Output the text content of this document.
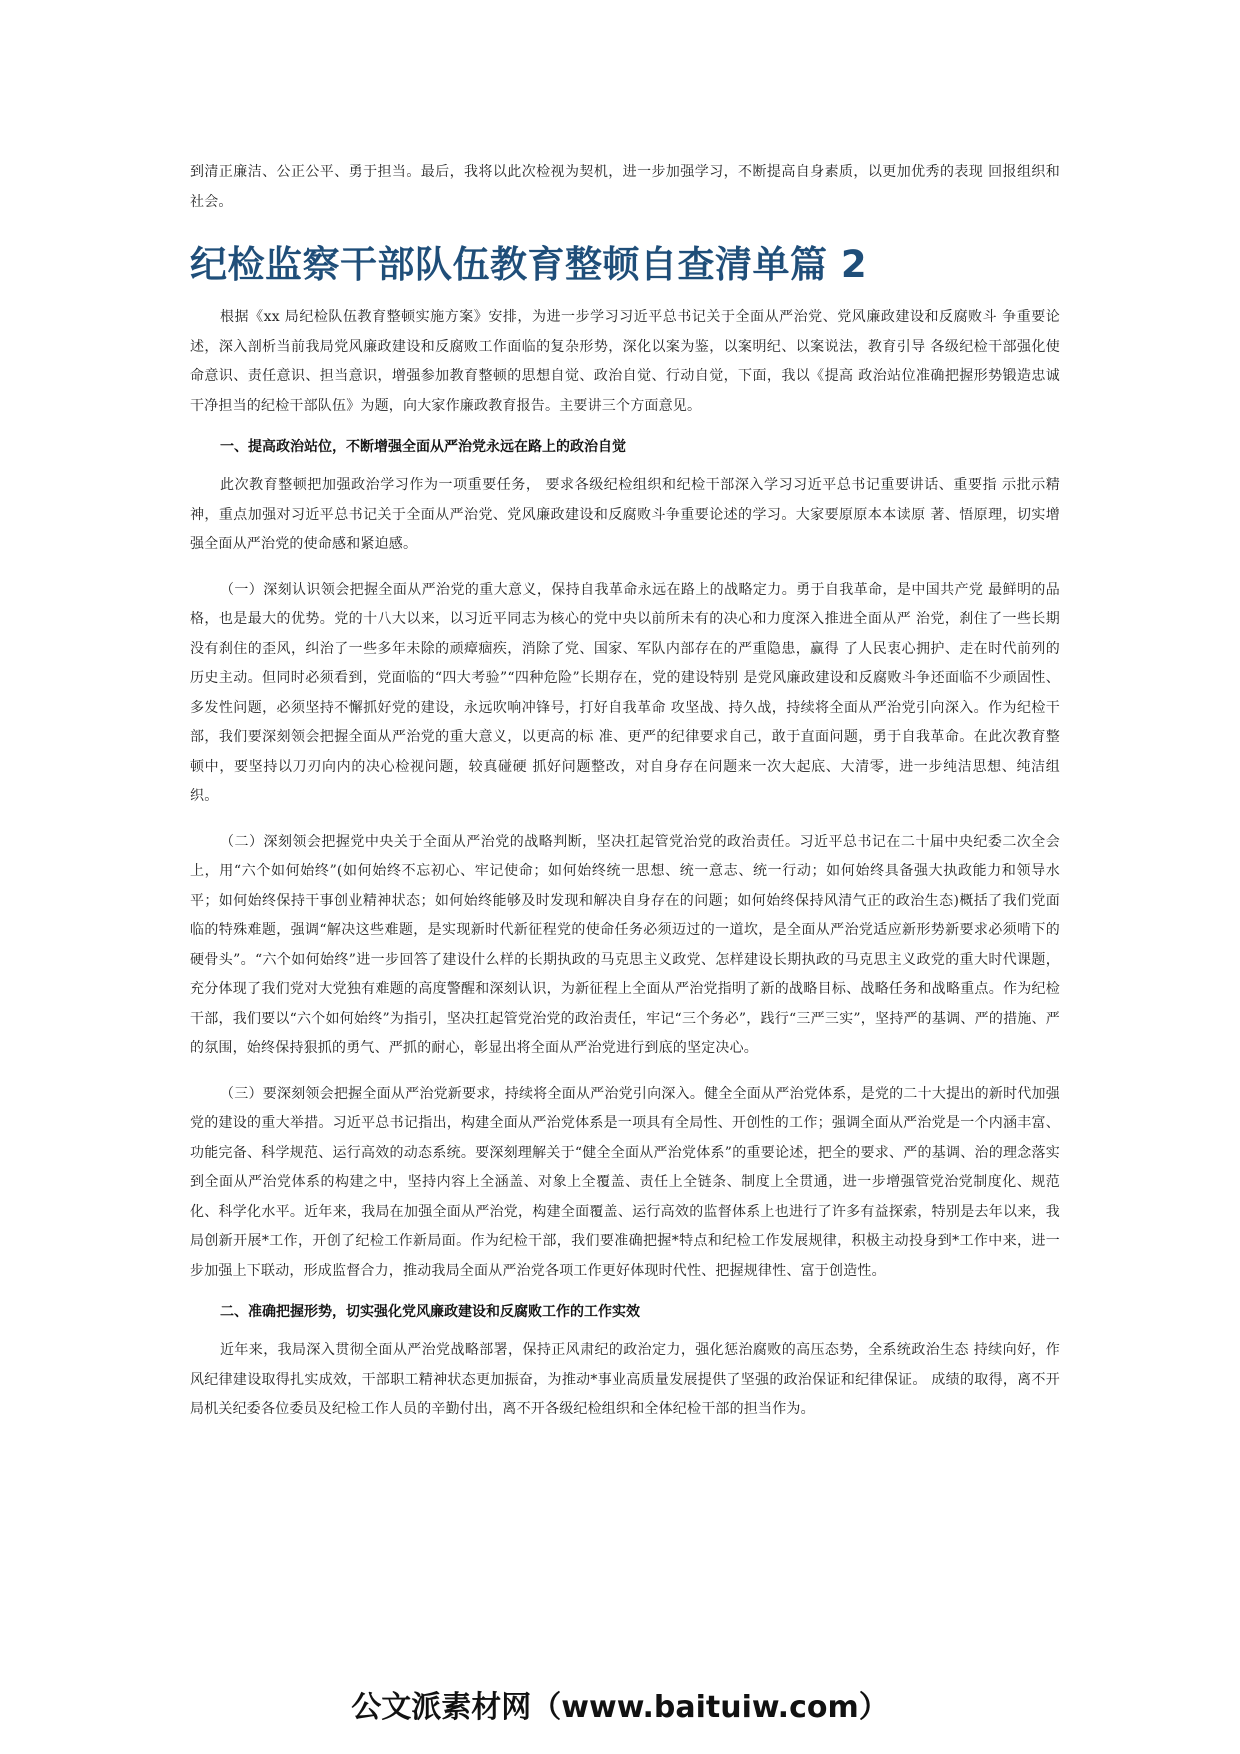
到清正廉洁、公正公平、勇于担当。最后，我将以此次检视为契机，进一步加强学习，不断提高自身素质，以更加优秀的表现 回报组织和社会。

纪检监察干部队伍教育整顿自查清单篇 2

根据《xx 局纪检队伍教育整顿实施方案》安排，为进一步学习习近平总书记关于全面从严治党、党风廉政建设和反腐败斗 争重要论述，深入剖析当前我局党风廉政建设和反腐败工作面临的复杂形势，深化以案为鉴，以案明纪、以案说法，教育引导 各级纪检干部强化使命意识、责任意识、担当意识，增强参加教育整顿的思想自觉、政治自觉、行动自觉，下面，我以《提高 政治站位准确把握形势锻造忠诚干净担当的纪检干部队伍》为题，向大家作廉政教育报告。主要讲三个方面意见。

一、提高政治站位，不断增强全面从严治党永远在路上的政治自觉

此次教育整顿把加强政治学习作为一项重要任务， 要求各级纪检组织和纪检干部深入学习习近平总书记重要讲话、重要指 示批示精神，重点加强对习近平总书记关于全面从严治党、党风廉政建设和反腐败斗争重要论述的学习。大家要原原本本读原 著、悟原理，切实增强全面从严治党的使命感和紧迫感。

（一）深刻认识领会把握全面从严治党的重大意义，保持自我革命永远在路上的战略定力。勇于自我革命，是中国共产党 最鲜明的品格，也是最大的优势。党的十八大以来，以习近平同志为核心的党中央以前所未有的决心和力度深入推进全面从严 治党，刹住了一些长期没有刹住的歪风，纠治了一些多年未除的顽瘴痼疾，消除了党、国家、军队内部存在的严重隐患，赢得 了人民衷心拥护、走在时代前列的历史主动。但同时必须看到，党面临的“四大考验”“四种危险”长期存在，党的建设特别 是党风廉政建设和反腐败斗争还面临不少顽固性、多发性问题，必须坚持不懈抓好党的建设，永远吹响冲锋号，打好自我革命 攻坚战、持久战，持续将全面从严治党引向深入。作为纪检干部，我们要深刻领会把握全面从严治党的重大意义，以更高的标 准、更严的纪律要求自己，敢于直面问题，勇于自我革命。在此次教育整顿中，要坚持以刀刃向内的决心检视问题，较真碰硬 抓好问题整改，对自身存在问题来一次大起底、大清零，进一步纯洁思想、纯洁组织。

（二）深刻领会把握党中央关于全面从严治党的战略判断，坚决扛起管党治党的政治责任。习近平总书记在二十届中央纪委二次全会上，用“六个如何始终”(如何始终不忘初心、牢记使命；如何始终统一思想、统一意志、统一行动；如何始终具备强大执政能力和领导水平；如何始终保持干事创业精神状态；如何始终能够及时发现和解决自身存在的问题；如何始终保持风清气正的政治生态)概括了我们党面临的特殊难题，强调“解决这些难题，是实现新时代新征程党的使命任务必须迈过的一道坎，是全面从严治党适应新形势新要求必须啃下的硬骨头”。“六个如何始终”进一步回答了建设什么样的长期执政的马克思主义政党、怎样建设长期执政的马克思主义政党的重大时代课题，充分体现了我们党对大党独有难题的高度警醒和深刻认识，为新征程上全面从严治党指明了新的战略目标、战略任务和战略重点。作为纪检干部，我们要以“六个如何始终”为指引，坚决扛起管党治党的政治责任，牢记“三个务必”，践行“三严三实”，坚持严的基调、严的措施、严的氛围，始终保持狠抓的勇气、严抓的耐心，彰显出将全面从严治党进行到底的坚定决心。

（三）要深刻领会把握全面从严治党新要求，持续将全面从严治党引向深入。健全全面从严治党体系，是党的二十大提出的新时代加强党的建设的重大举措。习近平总书记指出，构建全面从严治党体系是一项具有全局性、开创性的工作；强调全面从严治党是一个内涵丰富、功能完备、科学规范、运行高效的动态系统。要深刻理解关于“健全全面从严治党体系”的重要论述，把全的要求、严的基调、治的理念落实到全面从严治党体系的构建之中，坚持内容上全涵盖、对象上全覆盖、责任上全链条、制度上全贯通，进一步增强管党治党制度化、规范化、科学化水平。近年来，我局在加强全面从严治党，构建全面覆盖、运行高效的监督体系上也进行了许多有益探索，特别是去年以来，我局创新开展*工作，开创了纪检工作新局面。作为纪检干部，我们要准确把握*特点和纪检工作发展规律，积极主动投身到*工作中来，进一步加强上下联动，形成监督合力，推动我局全面从严治党各项工作更好体现时代性、把握规律性、富于创造性。

二、准确把握形势，切实强化党风廉政建设和反腐败工作的工作实效

近年来，我局深入贯彻全面从严治党战略部署，保持正风肃纪的政治定力，强化惩治腐败的高压态势，全系统政治生态 持续向好，作风纪律建设取得扎实成效，干部职工精神状态更加振奋，为推动*事业高质量发展提供了坚强的政治保证和纪律保证。 成绩的取得，离不开局机关纪委各位委员及纪检工作人员的辛勤付出，离不开各级纪检组织和全体纪检干部的担当作为。

公文派素材网（www.baituiw.com）
